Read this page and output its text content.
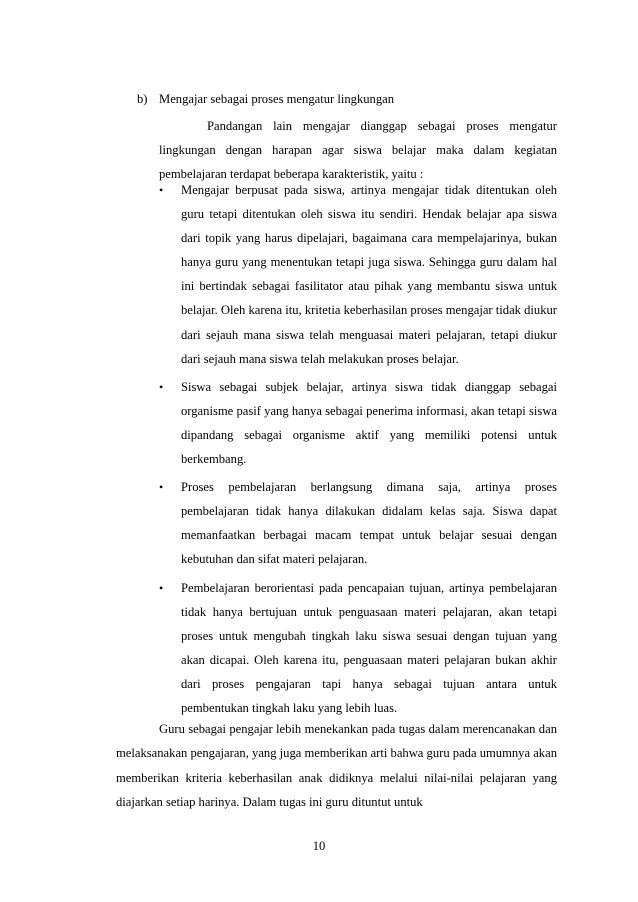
b) Mengajar sebagai proses mengatur lingkungan

Pandangan lain mengajar dianggap sebagai proses mengatur lingkungan dengan harapan agar siswa belajar maka dalam kegiatan pembelajaran terdapat beberapa karakteristik, yaitu :

• Mengajar berpusat pada siswa, artinya mengajar tidak ditentukan oleh guru tetapi ditentukan oleh siswa itu sendiri. Hendak belajar apa siswa dari topik yang harus dipelajari, bagaimana cara mempelajarinya, bukan hanya guru yang menentukan tetapi juga siswa. Sehingga guru dalam hal ini bertindak sebagai fasilitator atau pihak yang membantu siswa untuk belajar. Oleh karena itu, kritetia keberhasilan proses mengajar tidak diukur dari sejauh mana siswa telah menguasai materi pelajaran, tetapi diukur dari sejauh mana siswa telah melakukan proses belajar.
• Siswa sebagai subjek belajar, artinya siswa tidak dianggap sebagai organisme pasif yang hanya sebagai penerima informasi, akan tetapi siswa dipandang sebagai organisme aktif yang memiliki potensi untuk berkembang.
• Proses pembelajaran berlangsung dimana saja, artinya proses pembelajaran tidak hanya dilakukan didalam kelas saja. Siswa dapat memanfaatkan berbagai macam tempat untuk belajar sesuai dengan kebutuhan dan sifat materi pelajaran.
• Pembelajaran berorientasi pada pencapaian tujuan, artinya pembelajaran tidak hanya bertujuan untuk penguasaan materi pelajaran, akan tetapi proses untuk mengubah tingkah laku siswa sesuai dengan tujuan yang akan dicapai. Oleh karena itu, penguasaan materi pelajaran bukan akhir dari proses pengajaran tapi hanya sebagai tujuan antara untuk pembentukan tingkah laku yang lebih luas.

Guru sebagai pengajar lebih menekankan pada tugas dalam merencanakan dan melaksanakan pengajaran, yang juga memberikan arti bahwa guru pada umumnya akan memberikan kriteria keberhasilan anak didiknya melalui nilai-nilai pelajaran yang diajarkan setiap harinya. Dalam tugas ini guru dituntut untuk

10
